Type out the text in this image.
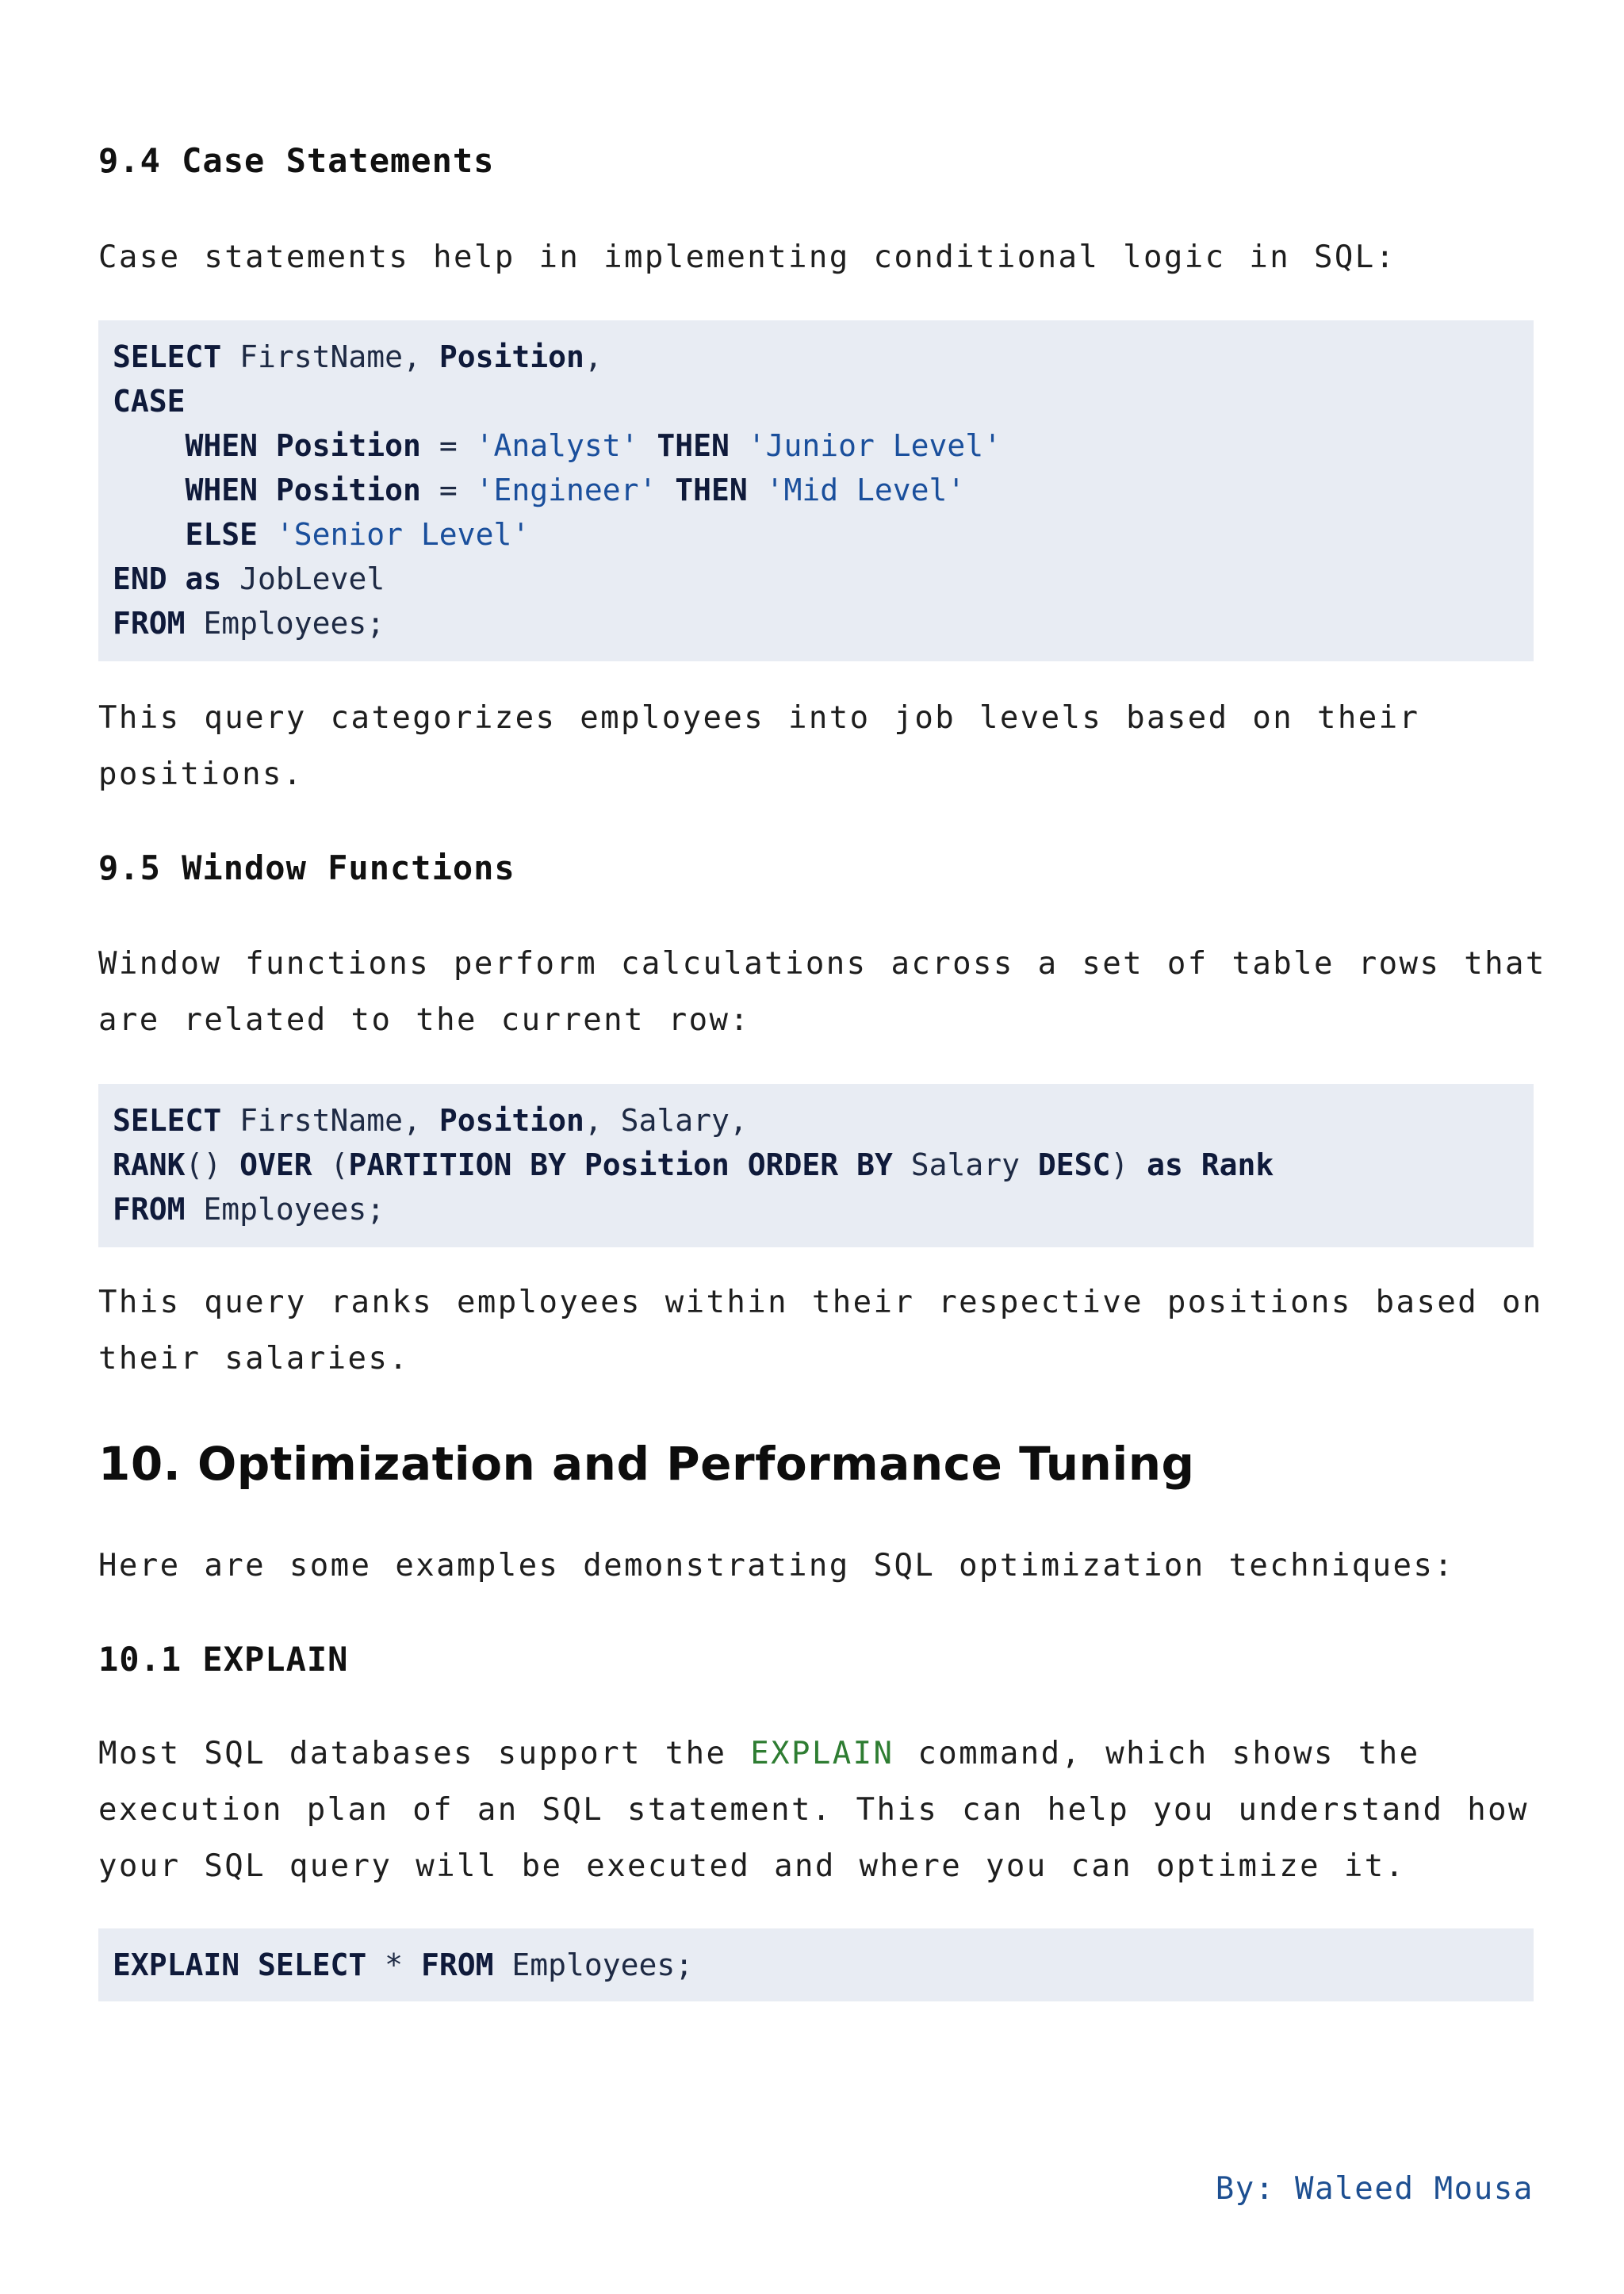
9.4 Case Statements

Case statements help in implementing conditional logic in SQL:

SELECT FirstName, Position,
CASE
WHEN Position = 'Analyst' THEN 'Junior Level'
WHEN Position = 'Engineer' THEN 'Mid Level'
ELSE 'Senior Level'
END as JobLevel
FROM Employees;

This query categorizes employees into job levels based on their

positions.

9.5 Window Functions

Window functions perform calculations across a set of table rows that

are related to the current row:

SELECT FirstName, Position, Salary,
RANK() OVER (PARTITION BY Position ORDER BY Salary DESC) as Rank
FROM Employees;

This query ranks employees within their respective positions based on

their salaries.

10. Optimization and Performance Tuning

Here are some examples demonstrating SQL optimization techniques:

10.1 EXPLAIN

Most SQL databases support the EXPLAIN command, which shows the

execution plan of an SQL statement. This can help you understand how

your SQL query will be executed and where you can optimize it.

EXPLAIN SELECT * FROM Employees;

By: Waleed Mousa
